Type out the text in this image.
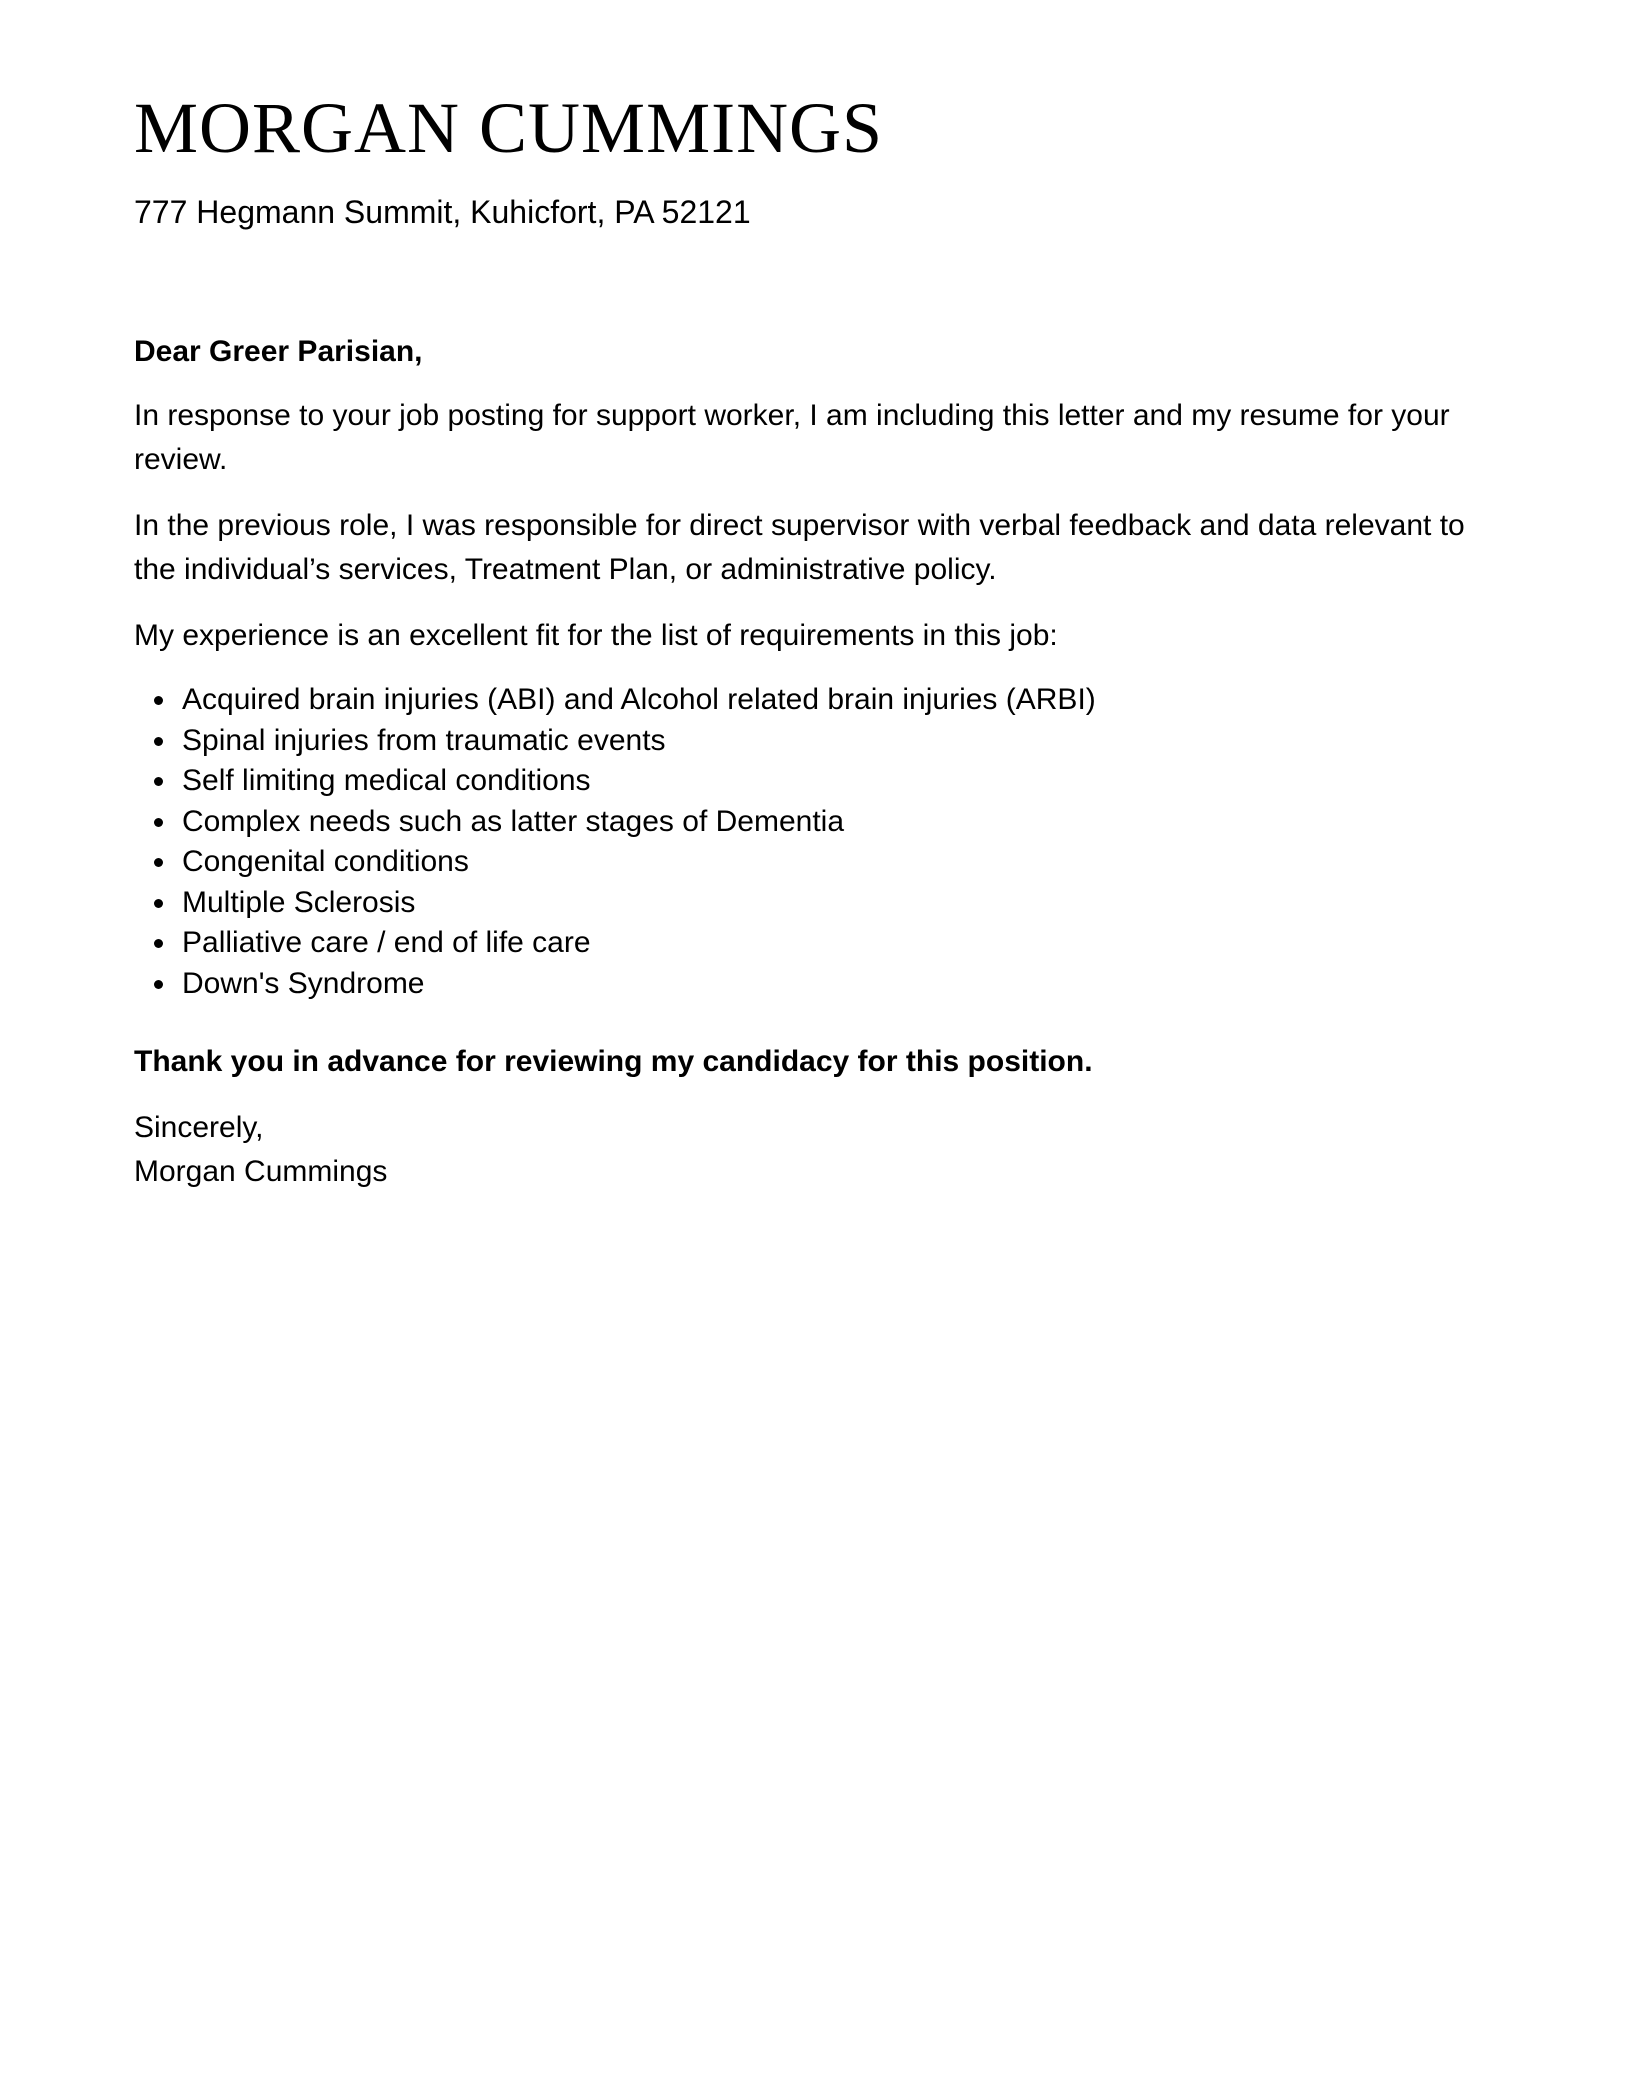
MORGAN CUMMINGS

777 Hegmann Summit, Kuhicfort, PA 52121

Dear Greer Parisian,

In response to your job posting for support worker, I am including this letter and my resume for your review.

In the previous role, I was responsible for direct supervisor with verbal feedback and data relevant to the individual’s services, Treatment Plan, or administrative policy.

My experience is an excellent fit for the list of requirements in this job:

Acquired brain injuries (ABI) and Alcohol related brain injuries (ARBI)
Spinal injuries from traumatic events
Self limiting medical conditions
Complex needs such as latter stages of Dementia
Congenital conditions
Multiple Sclerosis
Palliative care / end of life care
Down's Syndrome

Thank you in advance for reviewing my candidacy for this position.

Sincerely,
Morgan Cummings
